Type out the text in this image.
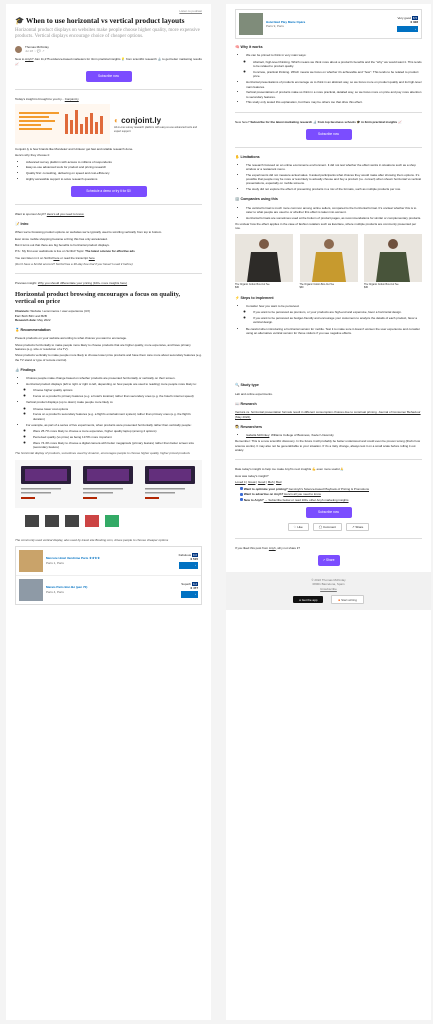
Listen to podcast
🎓 When to use horizontal vs vertical product layouts
Horizontal product displays on websites make people choose higher quality, more expensive products. Vertical displays encourage choice of cheaper options.
Thomas McKinlay
Jul 28 ♡ 💬 ↗

New to Anyh? Join 11,275 evidence-based marketers for 3min practical insights 💡 from scientific research 🔬 to get better marketing results 📈

Subscribe now

Today's insight is brought to you by... Conjoint.ly

◐ conjoint.ly
All-in-one survey research platform with easy-to-use advanced tools and expert support

Conjoint.ly is how brands like Mondelez and Unilever get fast and reliable research done.

Here's why they choose it:

• Advanced survey platform with access to millions of respondents
• Easy-to-use advanced tools for product and pricing research
• Quality first: consulting, delivering on speed and cost-efficiency
• Highly accessible support to solve research questions
Schedule a demo or try it for $0

Want to sponsor Anyh? Here's all you need to know.

📝 Intro

When we're browsing product options on websites we're typically used to scrolling vertically from top to bottom.

Ever since mobile shopping became a thing this has only accelerated.

But it turns out that there are big benefits to horizontal product displays.

P.S.: My first ever audiobook is live on Scribd! Topic: The latest science for effective ads

You can listen in it on Scribd here or read the transcript here

(Don't have a Scribd account? Scribd has a 30-day free trial if you haven't used it before)

Previous insight: Why you should differentiate your pricing (100+ more insights here)

Horizontal product browsing encourages a focus on quality, vertical on price

Channels: Website / ecommerce / user experience (UX)
For: Both B2C and B2B
Research date: May 2022

🥇 Recommendation

Present products on your website according to what choices you want to encourage.

Show products horizontally to make people more likely to choose products that are higher quality, more expensive, and have primary features (e.g. size or resolution of a TV).

Show products vertically to make people more likely to choose lower price products and have them care more about secondary features (e.g. the TV stand or type of remote control).

🔬 Findings
• Choices people make change based on whether products are presented horizontally or vertically on their screen.
• Horizontal product displays (left to right or right to left, depending on how people are used to reading) more people more likely to:
◦ Choose higher quality options
◦ Focus on a product's primary features (e.g. a hotel's location) rather than secondary ones (e.g. the hotel's internet speed)
• Vertical product displays (up to down) make people more likely to:
◦ Choose lower cost options
◦ Focus on a product's secondary features (e.g. a flight's entertainment system) rather than primary ones (e.g. the flight's duration)
• For example, as part of a series of five experiments, when products were presented horizontally rather than vertically people:
◦ Were 25.7% more likely to choose a more expensive, higher quality laptop (among 4 options)
◦ Perceived quality (vs price) as being 13.5% more important
◦ Were 74.4% more likely to choose a digital camera with better megapixels (primary feature) rather than better screen size (secondary feature)

The horizontal display of products, sometimes used by Amazon, encourages people to choose higher quality, higher priced products

The commonly used vertical display, also used by travel site Booking.com, drives people to choose cheaper options

Mercure Hotel Vendôme Paris ★★★★
Paris 1, Paris
Fabulous 9.0
€ 515
›
Marais Paris Bon Bé (pen 70)
Paris 4, Paris
Superb 9.2
€ 477
›
Hotel Bed Pley Marie Opéra
Paris 9, Paris
Very good 8.5
€ 328
›
🧠 Why it works
• We can be primed to think in very main ways:
◦ Abstract, high-level thinking. Which means we think more about a product's benefits and the "why" we would want it. This tends to be related to product quality.
◦ Concrete, practical thinking. Which means we focus on whether it's achievable and "how". This tends to be related to product price.
• Horizontal presentations of products encourage us to think in an abstract way, so we focus more on product quality and its high-level main features.
• Vertical presentations of products make us think in a more practical, detailed way, so we focus more on price and pay more attention to secondary features.
• This study only tested this explanation, but there may be others too that drive this effect.

New here? Subscribe for the latest marketing research 🔬 from top business schools 🎓 in 3min practical insights 📈

Subscribe now
✋ Limitations
• The research focused on an online ecommerce environment. It did not test whether the effect works in situations such as a shop window or a restaurant menu.
• The experiments did not measure actual sales. It asked participants what choices they would make after showing them options. It's possible that people may be more or less likely to actually choose and buy a product (i.e. convert) when shown horizontal vs vertical presentations, especially on mobile screens.
• The study did not explore the effect of presenting products in a mix of the formats, such as multiple products per row.
🏢 Companies using this
• The vertical format is much more common among online sellers, compared to the horizontal format. It's unclear whether this is to cater to what people are used to or whether this effect is taken into account.
• Horizontal formats are sometimes used at the bottom of product pages, as recommendations for similar or complementary products.

It's unclear how the effect applies in the case of fashion retailers such as Everlane, where multiple products are commonly presented per row.

The Organic Cotton Box-Cut Tee
$30
The Organic Cotton Box-Cut Tee
$30
The Organic Cotton Box-Cut Tee
$30
⚡ Steps to implement
• Consider how you want to be perceived.
◦ If you want to be perceived as premium, or your products are high-end and expensive, favor a horizontal design.
◦ If you want to be perceived as budget-friendly and encourage your customers to analyze the details of each product, favor a vertical design.
• Be careful when introducing a horizontal version for mobile. Test it to make sure it doesn't worsen the user experience and consider using an alternative vertical version for those visitors if you see negative effects.
🔍 Study type

Lab and online experiments.

📖 Research

Ventura vs. horizontal presentation formats result in different consumption choices due to construal priming. Journal of Consumer Behaviour (May 2022).

🧑‍🔬 Researchers
• Isabella McKinley: Williams College of Business, Xavier University

Remember: This is a new scientific discovery. In the future it will probably be better understood and could even be proven wrong (that's how science works). It may also not be generalizable to your situation. If it's a risky change, always test it on a small scale before rolling it out widely.

Rate today's insight to help me make Anyh's next insights 💪 even more useful 🙏

How was today's insight?

Loved it | Great | Good | Meh | Bad

Want to optimize your pricing? Get Anyh's Science-based Playbook of Pricing & Promotions
Want to advertise on Anyh? Here's all you need to know
New to Anyh? → Subscribe below or read 100+ other Anyh marketing insights
Subscribe now
♡ Like	◯ Comment	↗ Share

If you liked this post from Anyh, why not share it?

↗ Share
© 2022 Thomas McKinlay
08001 Barcelona, Spain
Unsubscribe
● Get the app	■ Start writing
